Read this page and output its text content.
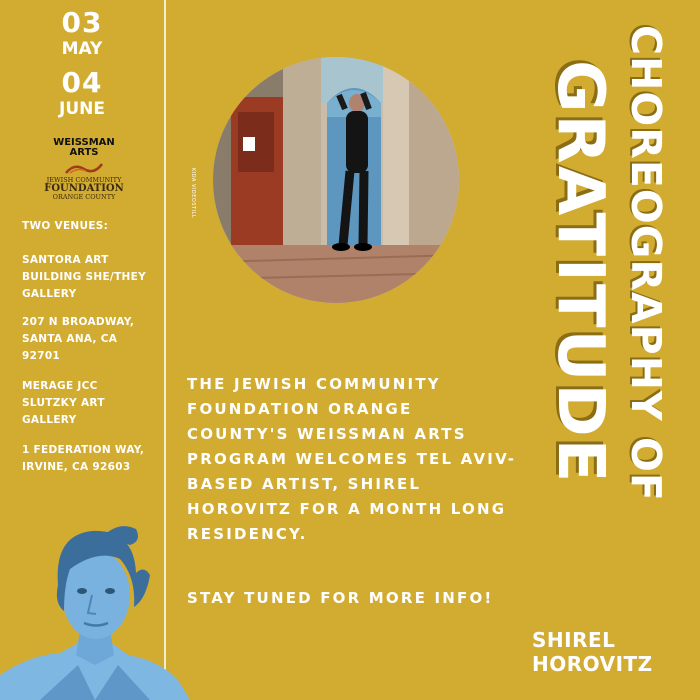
03
MAY
04
JUNE
WEISSMAN
ARTS
JEWISH COMMUNITY
FOUNDATION
ORANGE COUNTY
TWO VENUES:
SANTORA ART BUILDING SHE/THEY GALLERY
207 N BROADWAY, SANTA ANA, CA 92701
MERAGE JCC SLUTZKY ART GALLERY
1 FEDERATION WAY, IRVINE, CA 92603
KIDA VIDEOSTILL

THE JEWISH COMMUNITY FOUNDATION ORANGE COUNTY'S WEISSMAN ARTS PROGRAM WELCOMES TEL AVIV-BASED ARTIST, SHIREL HOROVITZ FOR A MONTH LONG RESIDENCY.

STAY TUNED FOR MORE INFO!

CHOREOGRAPHY OF
GRATITUDE
SHIREL
HOROVITZ
